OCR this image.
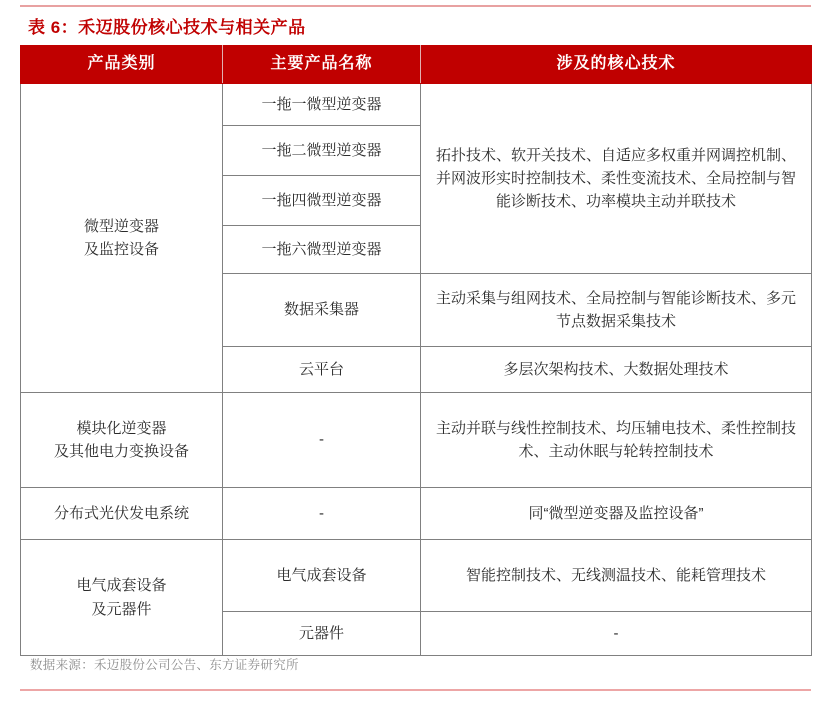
表 6：禾迈股份核心技术与相关产品
产品类别	主要产品名称	涉及的核心技术

微型逆变器
及监控设备	一拖一微型逆变器	拓扑技术、软开关技术、自适应多权重并网调控机制、并网波形实时控制技术、柔性变流技术、全局控制与智能诊断技术、功率模块主动并联技术
	一拖二微型逆变器	
	一拖四微型逆变器	
	一拖六微型逆变器	
	数据采集器	主动采集与组网技术、全局控制与智能诊断技术、多元节点数据采集技术
	云平台	多层次架构技术、大数据处理技术

模块化逆变器
及其他电力变换设备	-	主动并联与线性控制技术、均压辅电技术、柔性控制技术、主动休眠与轮转控制技术

分布式光伏发电系统	-	同“微型逆变器及监控设备”

电气成套设备
及元器件	电气成套设备	智能控制技术、无线测温技术、能耗管理技术
	元器件	-
数据来源：禾迈股份公司公告、东方证券研究所
